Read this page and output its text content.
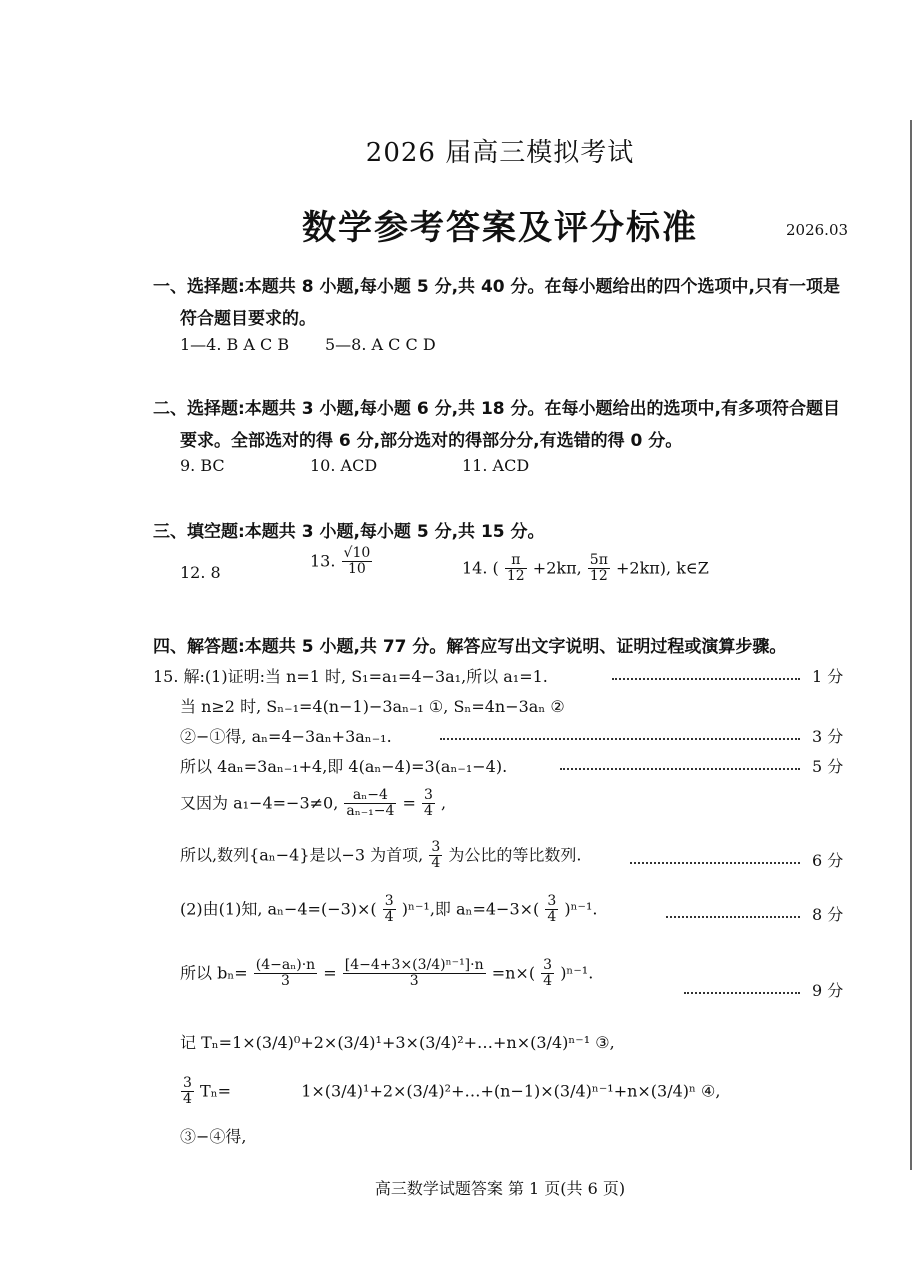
2026 届高三模拟考试
数学参考答案及评分标准	2026.03
一、选择题:本题共 8 小题,每小题 5 分,共 40 分。在每小题给出的四个选项中,只有一项是
符合题目要求的。
1—4. B A C B 5—8. A C C D
二、选择题:本题共 3 小题,每小题 6 分,共 18 分。在每小题给出的选项中,有多项符合题目
要求。全部选对的得 6 分,部分选对的得部分分,有选错的得 0 分。
9. BC	10. ACD	11. ACD
三、填空题:本题共 3 小题,每小题 5 分,共 15 分。
12. 8
13. $\frac{√10}{10}$	14. ( $\frac{\pi}{12} +2k\pi$, $\frac{5\pi}{12} +2k\pi$), k∈Z
四、解答题:本题共 5 小题,共 77 分。解答应写出文字说明、证明过程或演算步骤。
15. 解:(1)证明:当 n=1 时, S₁=a₁=4−3a₁,所以 a₁=1.	1 分
当 n≥2 时, Sₙ₋₁=4(n−1)−3aₙ₋₁ ①, Sₙ=4n−3aₙ ②
②−①得, aₙ=4−3aₙ+3aₙ₋₁.	3 分
所以 4aₙ=3aₙ₋₁+4,即 4(aₙ−4)=3(aₙ₋₁−4).	5 分
又因为 a₁−4=−3≠0, $\frac{\text{aₙ−4}}{\text{aₙ₋₁−4}} = \frac{3}{4}$ ,
所以,数列{aₙ−4}是以−3 为首项, $\frac{3}{4}$ 为公比的等比数列.	6 分
(2)由(1)知, $a_n-4=(-3)\times( \frac{3}{4} )^{n-1}$,即 $a_n=4-3\times( \frac{3}{4} )^{n-1}$.	8 分
所以 $b_n= \frac{\text{(4−aₙ)·n}}{3} = \frac{\text{[4−4+3×(3/4)ⁿ⁻¹]·n}}{3} =n\times( \frac{3}{4} )^{n-1}$.
9 分
记 Tₙ=1×(3/4)⁰+2×(3/4)¹+3×(3/4)²+…+n×(3/4)ⁿ⁻¹ ③,
$\frac{3}{4} T_n=$	1×(3/4)¹+2×(3/4)²+…+(n−1)×(3/4)ⁿ⁻¹+n×(3/4)ⁿ ④,
③−④得,
高三数学试题答案 第 1 页(共 6 页)
